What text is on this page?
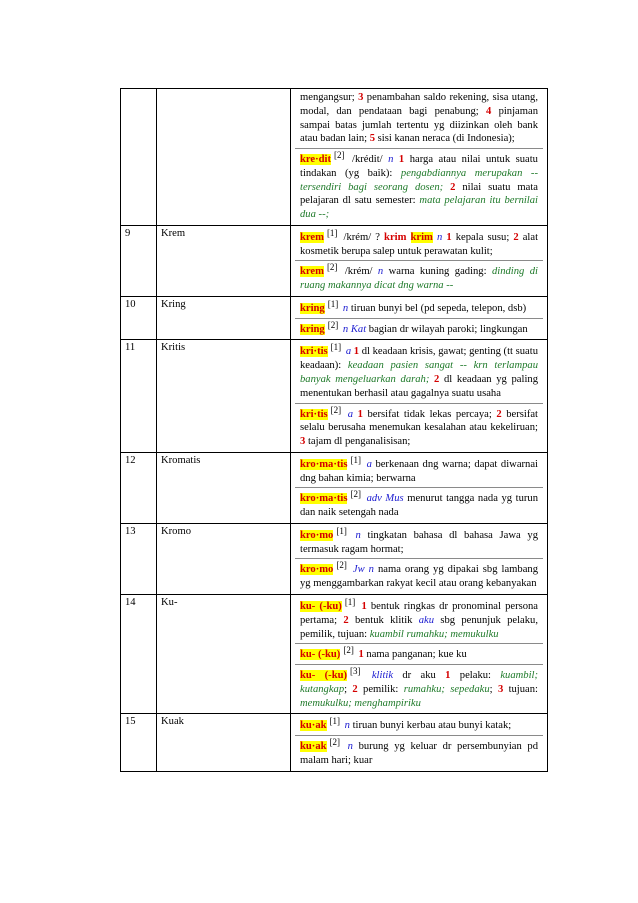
		mengangsur; 3 penambahan saldo rekening, sisa utang, modal, dan pendataan bagi penabung; 4 pinjaman sampai batas jumlah tertentu yg diizinkan oleh bank atau badan lain; 5 sisi kanan neraca (di Indonesia);
kre·dit [2] /krédit/ n 1 harga atau nilai untuk suatu tindakan (yg baik): pengabdiannya merupakan -- tersendiri bagi seorang dosen; 2 nilai suatu mata pelajaran dl satu semester: mata pelajaran itu bernilai dua --;

9	Krem	krem [1] /krém/ ? krim krim n 1 kepala susu; 2 alat kosmetik berupa salep untuk perawatan kulit;
krem [2] /krém/ n warna kuning gading: dinding di ruang makannya dicat dng warna --

10	Kring	kring [1] n tiruan bunyi bel (pd sepeda, telepon, dsb)
kring [2] n Kat bagian dr wilayah paroki; lingkungan

11	Kritis	kri·tis [1] a 1 dl keadaan krisis, gawat; genting (tt suatu keadaan): keadaan pasien sangat -- krn terlampau banyak mengeluarkan darah; 2 dl keadaan yg paling menentukan berhasil atau gagalnya suatu usaha
kri·tis [2] a 1 bersifat tidak lekas percaya; 2 bersifat selalu berusaha menemukan kesalahan atau kekeliruan; 3 tajam dl penganalisisan;

12	Kromatis	kro·ma·tis [1] a berkenaan dng warna; dapat diwarnai dng bahan kimia; berwarna
kro·ma·tis [2] adv Mus menurut tangga nada yg turun dan naik setengah nada

13	Kromo	kro·mo [1] n tingkatan bahasa dl bahasa Jawa yg termasuk ragam hormat;
kro·mo [2] Jw n nama orang yg dipakai sbg lambang yg menggambarkan rakyat kecil atau orang kebanyakan

14	Ku-	ku- (-ku) [1] 1 bentuk ringkas dr pronominal persona pertama; 2 bentuk klitik aku sbg penunjuk pelaku, pemilik, tujuan: kuambil rumahku; memukulku
ku- (-ku) [2] 1 nama panganan; kue ku
ku- (-ku) [3] klitik dr aku 1 pelaku: kuambil; kutangkap; 2 pemilik: rumahku; sepedaku; 3 tujuan: memukulku; menghampiriku

15	Kuak	ku·ak [1] n tiruan bunyi kerbau atau bunyi katak;
ku·ak [2] n burung yg keluar dr persembunyian pd malam hari; kuar
